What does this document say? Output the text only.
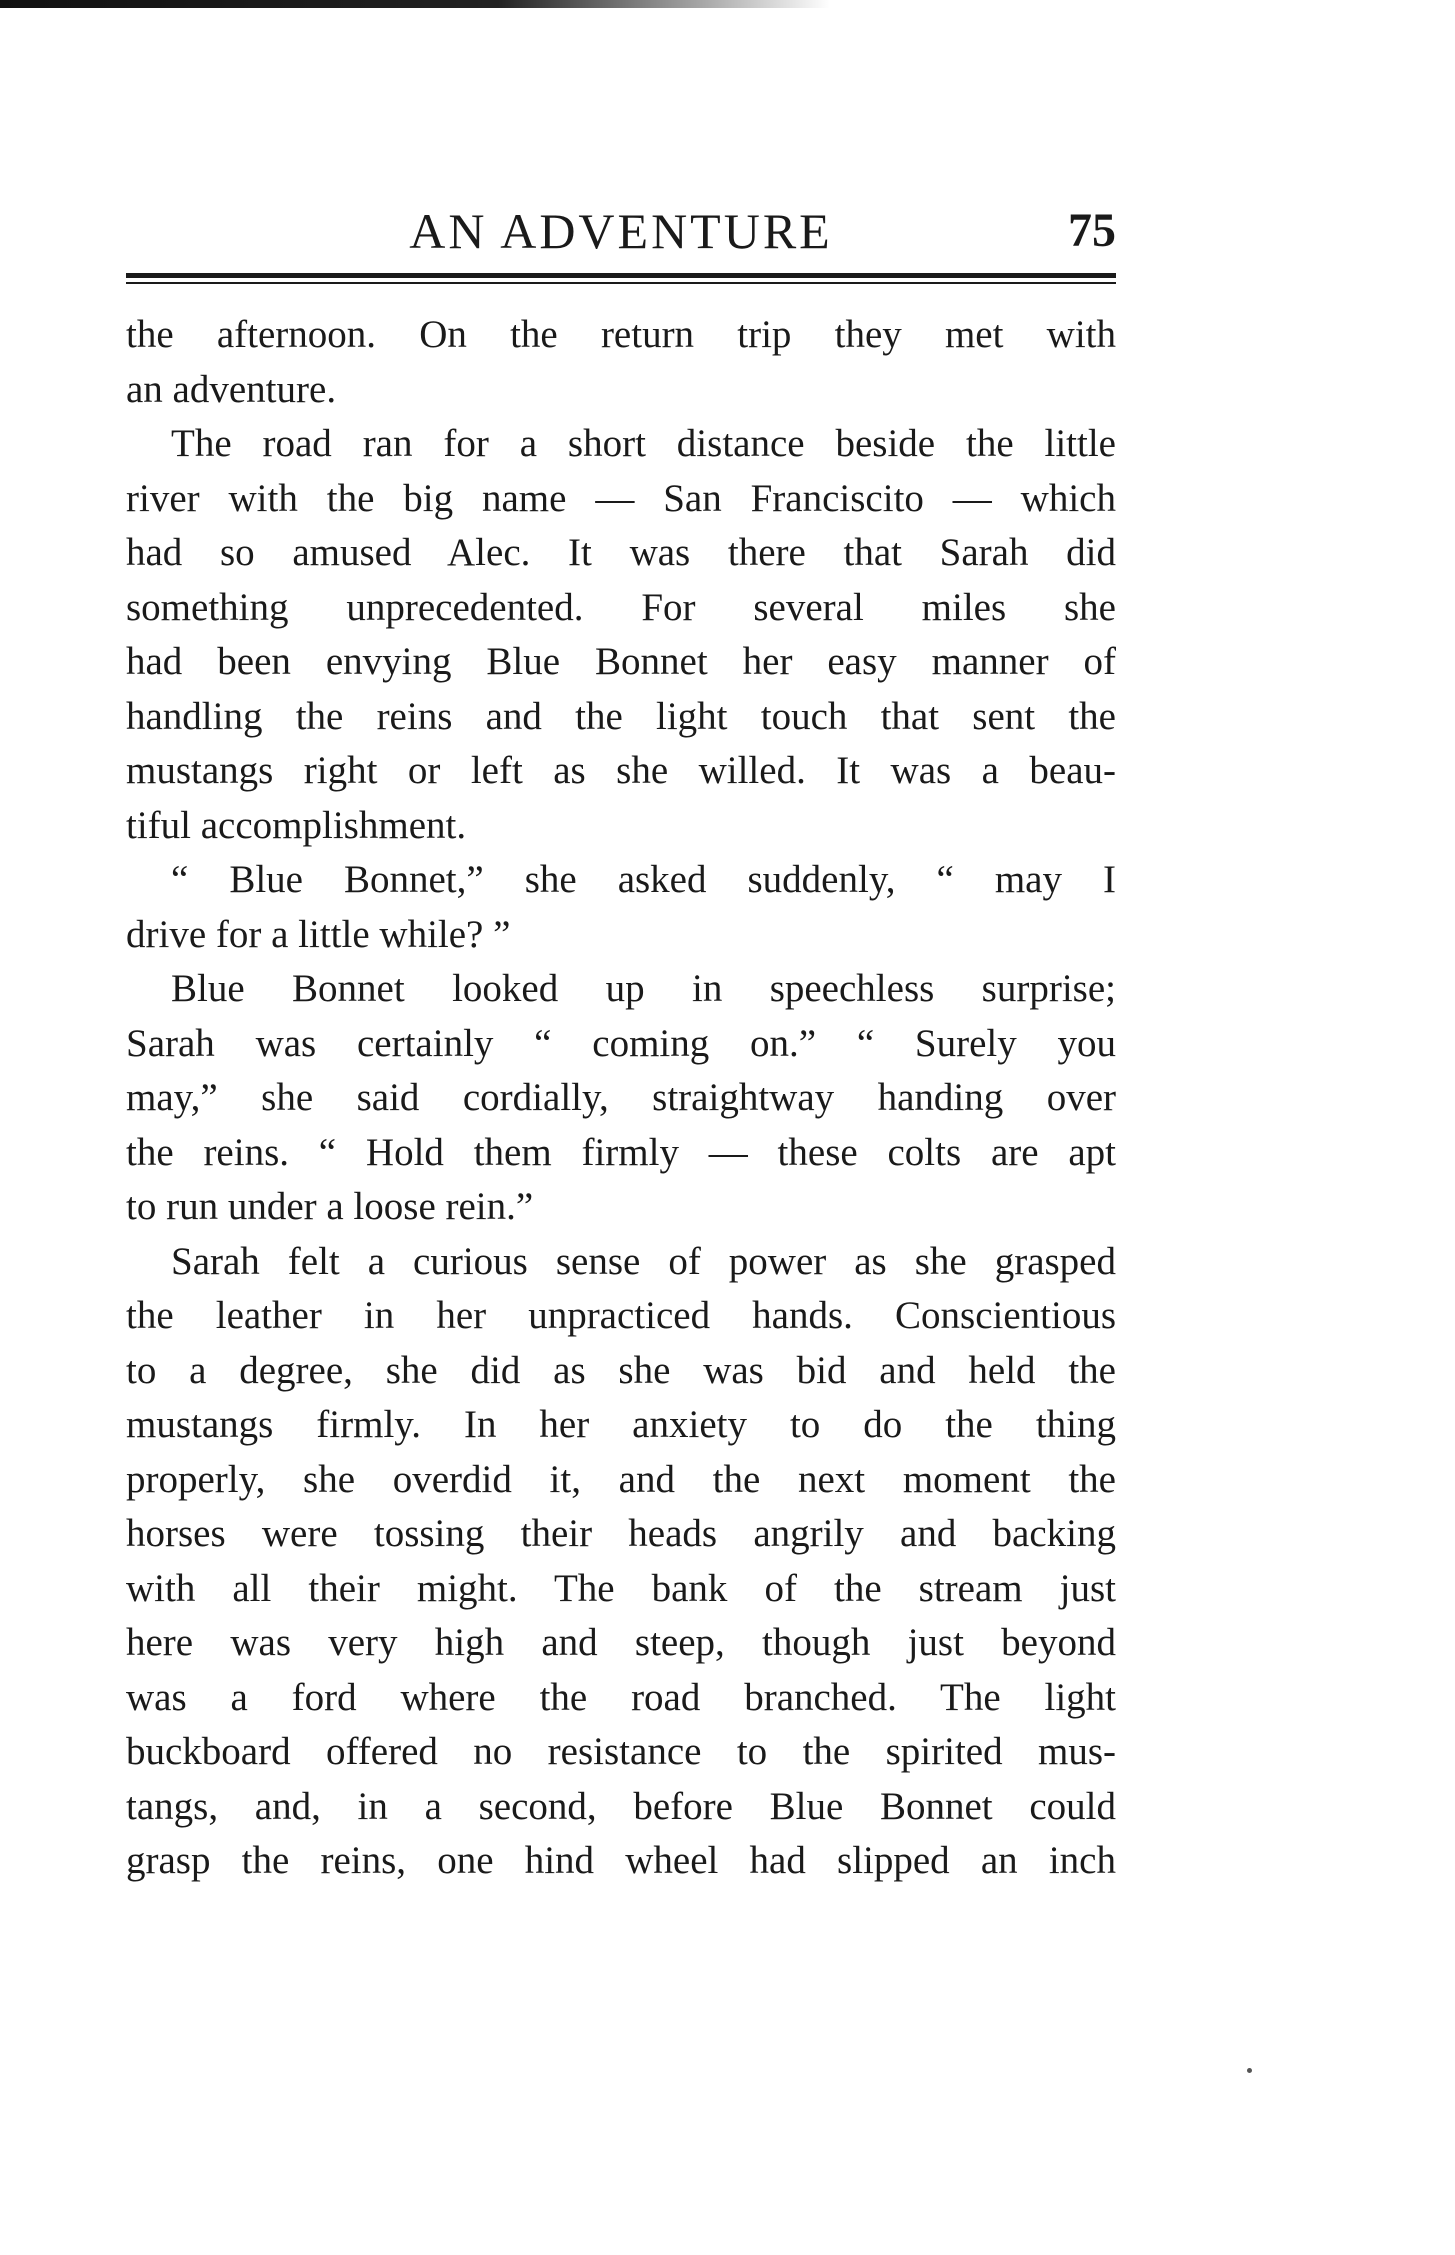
AN ADVENTURE	75

the afternoon. On the return trip they met with

an adventure.

The road ran for a short distance beside the little

river with the big name — San Franciscito — which

had so amused Alec. It was there that Sarah did

something unprecedented. For several miles she

had been envying Blue Bonnet her easy manner of

handling the reins and the light touch that sent the

mustangs right or left as she willed. It was a beau-

tiful accomplishment.

“ Blue Bonnet,” she asked suddenly, “ may I

drive for a little while? ”

Blue Bonnet looked up in speechless surprise;

Sarah was certainly “ coming on.” “ Surely you

may,” she said cordially, straightway handing over

the reins. “ Hold them firmly — these colts are apt

to run under a loose rein.”

Sarah felt a curious sense of power as she grasped

the leather in her unpracticed hands. Conscientious

to a degree, she did as she was bid and held the

mustangs firmly. In her anxiety to do the thing

properly, she overdid it, and the next moment the

horses were tossing their heads angrily and backing

with all their might. The bank of the stream just

here was very high and steep, though just beyond

was a ford where the road branched. The light

buckboard offered no resistance to the spirited mus-

tangs, and, in a second, before Blue Bonnet could

grasp the reins, one hind wheel had slipped an inch
